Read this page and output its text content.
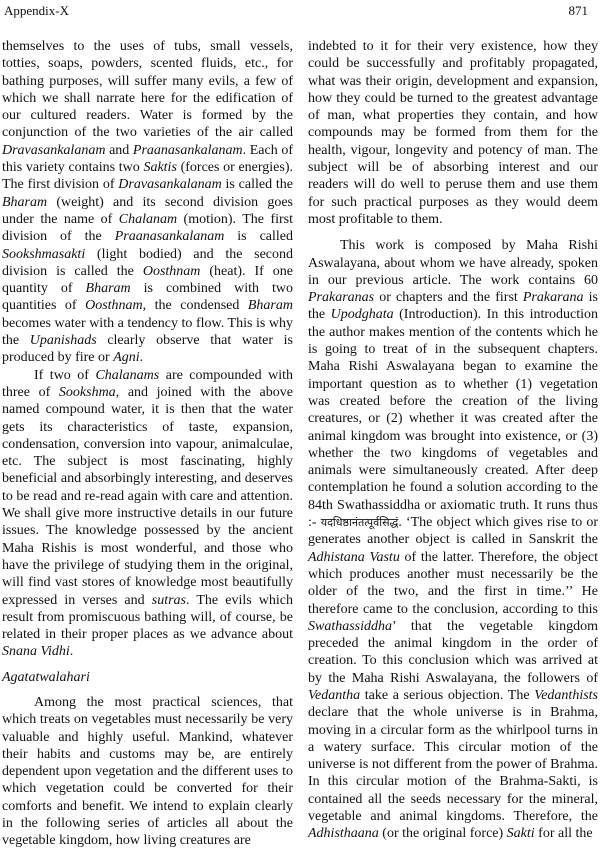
Appendix-X	871

themselves to the uses of tubs, small vessels, totties, soaps, powders, scented fluids, etc., for bathing purposes, will suffer many evils, a few of which we shall narrate here for the edification of our cultured readers. Water is formed by the conjunction of the two varieties of the air called Dravasankalanam and Praanasankalanam. Each of this variety contains two Saktis (forces or energies). The first division of Dravasankalanam is called the Bharam (weight) and its second division goes under the name of Chalanam (motion). The first division of the Praanasankalanam is called Sookshmasakti (light bodied) and the second division is called the Oosthnam (heat). If one quantity of Bharam is combined with two quantities of Oosthnam, the condensed Bharam becomes water with a tendency to flow. This is why the Upanishads clearly observe that water is produced by fire or Agni.

If two of Chalanams are compounded with three of Sookshma, and joined with the above named compound water, it is then that the water gets its characteristics of taste, expansion, condensation, conversion into vapour, animalculae, etc. The subject is most fascinating, highly beneficial and absorbingly interesting, and deserves to be read and re-read again with care and attention. We shall give more instructive details in our future issues. The knowledge possessed by the ancient Maha Rishis is most wonderful, and those who have the privilege of studying them in the original, will find vast stores of knowledge most beautifully expressed in verses and sutras. The evils which result from promiscuous bathing will, of course, be related in their proper places as we advance about Snana Vidhi.

Agatatwalahari

Among the most practical sciences, that which treats on vegetables must necessarily be very valuable and highly useful. Mankind, whatever their habits and customs may be, are entirely dependent upon vegetation and the different uses to which vegetation could be converted for their comforts and benefit. We intend to explain clearly in the following series of articles all about the vegetable kingdom, how living creatures are

indebted to it for their very existence, how they could be successfully and profitably propagated, what was their origin, development and expansion, how they could be turned to the greatest advantage of man, what properties they contain, and how compounds may be formed from them for the health, vigour, longevity and potency of man. The subject will be of absorbing interest and our readers will do well to peruse them and use them for such practical purposes as they would deem most profitable to them.

This work is composed by Maha Rishi Aswalayana, about whom we have already, spoken in our previous article. The work contains 60 Prakaranas or chapters and the first Prakarana is the Upodghata (Introduction). In this introduction the author makes mention of the contents which he is going to treat of in the subsequent chapters. Maha Rishi Aswalayana began to examine the important question as to whether (1) vegetation was created before the creation of the living creatures, or (2) whether it was created after the animal kingdom was brought into existence, or (3) whether the two kingdoms of vegetables and animals were simultaneously created. After deep contemplation he found a solution according to the 84th Swathassiddha or axiomatic truth. It runs thus :- यदधिष्ठानंतत्पूर्वसिद्धं. ‘The object which gives rise to or generates another object is called in Sanskrit the Adhistana Vastu of the latter. Therefore, the object which produces another must necessarily be the older of the two, and the first in time.’’ He therefore came to the conclusion, according to this Swathassiddha’ that the vegetable kingdom preceded the animal kingdom in the order of creation. To this conclusion which was arrived at by the Maha Rishi Aswalayana, the followers of Vedantha take a serious objection. The Vedanthists declare that the whole universe is in Brahma, moving in a circular form as the whirlpool turns in a watery surface. This circular motion of the universe is not different from the power of Brahma. In this circular motion of the Brahma-Sakti, is contained all the seeds necessary for the mineral, vegetable and animal kingdoms. Therefore, the Adhisthaana (or the original force) Sakti for all the
